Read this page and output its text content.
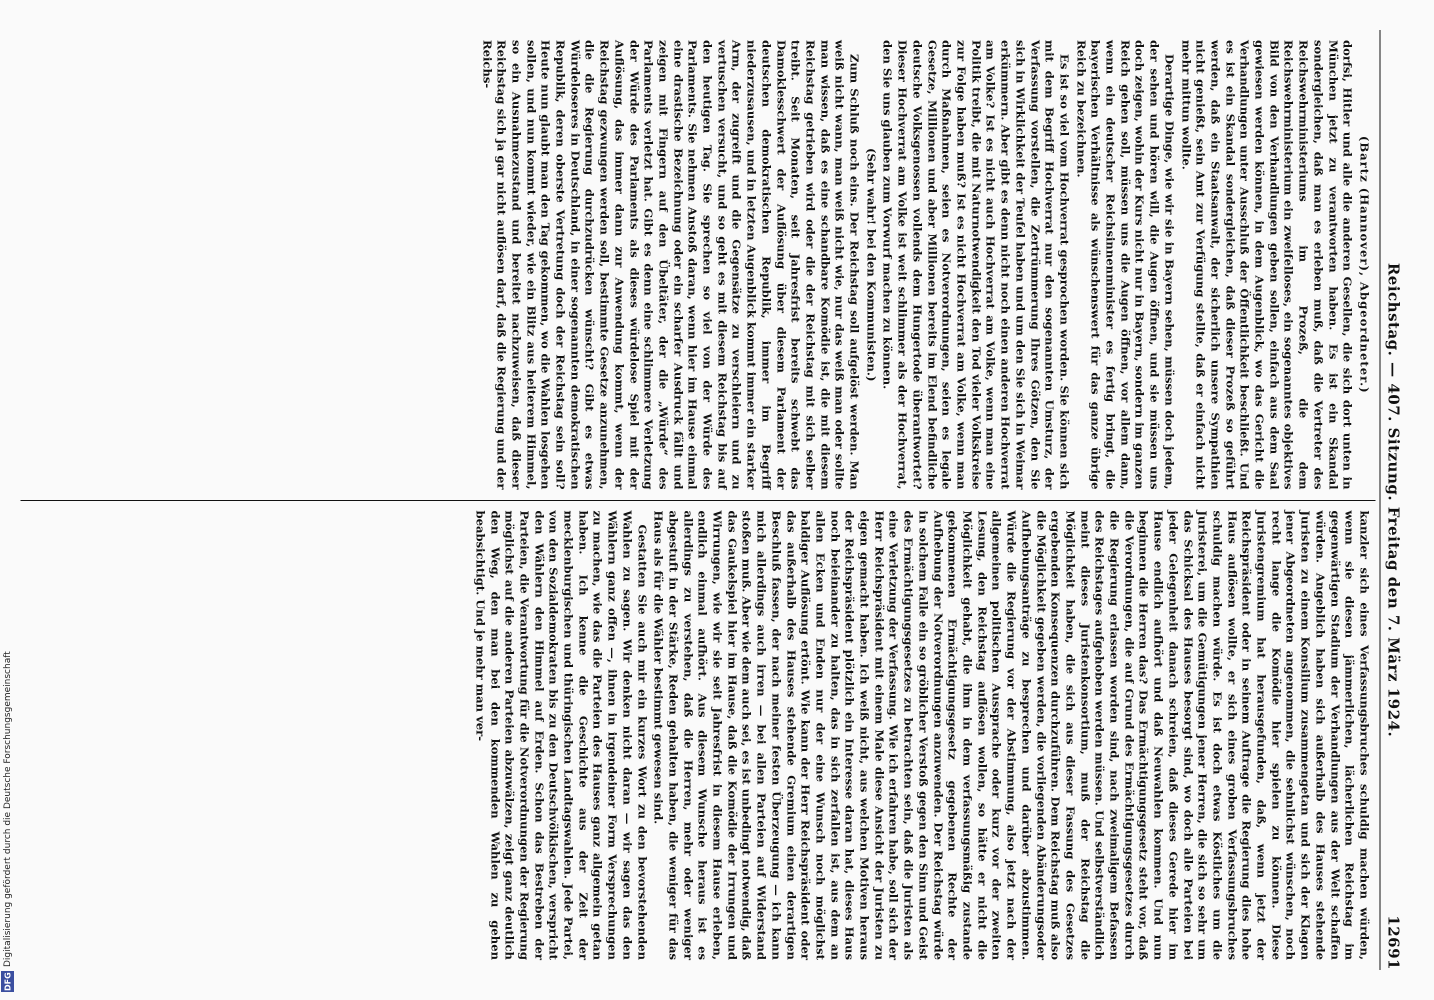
DFG
Digitalisierung gefördert durch die Deutsche Forschungsgemeinschaft
Reichstag. — 407. Sitzung. Freitag den 7. März 1924.
12691

(Bartz (Hannover), Abgeordneter.)

dorfsi, Hitler und alle die anderen Gesellen, die sich dort unten in München jetzt zu verantworten haben. Es ist ein Skandal sondergleichen, daß man es erleben muß, daß die Vertreter des Reichswehrministeriums im Prozeß, die dem Reichswehrministerium ein zweifelloses, ein sogenanntes objektives Bild von den Verhandlungen geben sollen, einfach aus dem Saal gewiesen werden können, in dem Augenblick, wo das Gericht die Verhandlungen unter Ausschluß der Öffentlichkeit beschließt. Und es ist ein Skandal sondergleichen, daß dieser Prozeß so geführt werden, daß ein Staatsanwalt, der sicherlich unsere Sympathien nicht genießt, sein Amt zur Verfügung stellte, daß er einfach nicht mehr mittun wollte.

Derartige Dinge, wie wir sie in Bayern sehen, müssen doch jedem, der sehen und hören will, die Augen öffnen, und sie müssen uns doch zeigen, wohin der Kurs nicht nur in Bayern, sondern im ganzen Reich gehen soll, müssen uns die Augen öffnen, vor allem dann, wenn ein deutscher Reichsinnenminister es fertig bringt, die bayerischen Verhältnisse als wünschenswert für das ganze übrige Reich zu bezeichnen.

Es ist so viel vom Hochverrat gesprochen worden. Sie können sich mit dem Begriff Hochverrat nur den sogenannten Umsturz, der Verfassung vorstellen, die Zertrümmerung Ihres Götzen, den Sie sich in Wirklichkeit der Teufel haben und um den Sie sich in Weimar erkümmern. Aber gibt es denn nicht noch einen anderen Hochverrat am Volke? Ist es nicht auch Hochverrat am Volke, wenn man eine Politik treibt, die mit Naturnotwendigkeit den Tod vieler Volkskreise zur Folge haben muß? Ist es nicht Hochverrat am Volke, wenn man durch Maßnahmen, seien es Notverordnungen, seien es legale Gesetze, Millionen und aber Millionen bereits im Elend befindliche deutsche Volksgenossen vollends dem Hungertode überantwortet? Dieser Hochverrat am Volke ist weit schlimmer als der Hochverrat, den Sie uns glauben zum Vorwurf machen zu können.

(Sehr wahr! bei den Kommunisten.)

Zum Schluß noch eins. Der Reichstag soll aufgelöst werden. Man weiß nicht wann, man weiß nicht wie, nur das weiß man oder sollte man wissen, daß es eine schandbare Komödie ist, die mit diesem Reichstag getrieben wird oder die der Reichstag mit sich selber treibt. Seit Monaten, seit Jahresfrist bereits schwebt das Damoklesschwert der Auflösung über diesem Parlament der deutschen demokratischen Republik, immer im Begriff niederzusausen, und in letzten Augenblick kommt immer ein starker Arm, der zugreift und die Gegensätze zu verschleiern und zu vertuschen versucht, und so geht es mit diesem Reichstag bis auf den heutigen Tag. Sie sprechen so viel von der Würde des Parlaments. Sie nehmen Anstoß daran, wenn hier im Hause einmal eine drastische Bezeichnung oder ein scharfer Ausdruck fällt und zeigen mit Fingern auf den Übeltäter, der die „Würde“ des Parlaments verletzt hat. Gibt es denn eine schlimmere Verletzung der Würde des Parlaments als dieses würdelose Spiel mit der Auflösung, das immer dann zur Anwendung kommt, wenn der Reichstag gezwungen werden soll, bestimmte Gesetze anzunehmen, die die Regierung durchzudrücken wünscht? Gibt es etwas Würdeloseres in Deutschland, in einer sogenannten demokratischen Republik, deren oberste Vertretung doch der Reichstag sein soll? Heute nun glaubt man den Tag gekommen, wo die Wahlen losgehen sollen, und nun kommt wieder, wie ein Blitz aus heiterem Himmel, so ein Ausnahmezustand und bereitet nachzuweisen, daß dieser Reichstag sich ja gar nicht auflösen darf, daß die Regierung und der Reichs-

kanzler sich eines Verfassungsbruches schuldig machen würden, wenn sie diesen jämmerlichen, lächerlichen Reichstag im gegenwärtigen Stadium der Verhandlungen aus der Welt schaffen würden. Angeblich haben sich außerhalb des Hauses stehende Juristen zu einem Konsilium zusammengetan und sich der Klagen jener Abgeordneten angenommen, die sehnlichst wünschen, noch recht lange die Komödie hier spielen zu können. Diese Juristengremium hat herausgefunden, daß, wenn jetzt der Reichspräsident oder in seinem Auftrage die Regierung dies hohe Haus auflösen wollte, er sich eines groben Verfassungsbruches schuldig machen würde. Es ist doch etwas Köstliches um die Juristerei, um die Gemütigungen jener Herren, die sich so sehr um das Schicksal des Hauses besorgt sind, wo doch alle Parteien bei jeder Gelegenheit danach schreien, daß dieses Gerede hier im Hause endlich aufhört und daß Neuwahlen kommen. Und nun beginnen die Herren das? Das Ermächtigungsgesetz steht vor, daß die Verordnungen, die auf Grund des Ermächtigungsgesetzes durch die Regierung erlassen worden sind, nach zweimaligem Befassen des Reichstages aufgehoben werden müssen. Und selbstverständlich meint dieses Juristenkonsortium, muß der Reichstag die Möglichkeit haben, die sich aus dieser Fassung des Gesetzes ergebenden Konsequenzen durchzuführen. Dem Reichstag muß also die Möglichkeit gegeben werden, die vorliegenden Abänderungsoder Aufhebungsanträge zu besprechen und darüber abzustimmen. Würde die Regierung vor der Abstimmung, also jetzt nach der allgemeinen politischen Aussprache oder kurz vor der zweiten Lesung, den Reichstag auflösen wollen, so hätte er nicht die Möglichkeit gehabt, die ihm in dem verfassungsmäßig zustande gekommenen Ermächtigungsgesetz gegebenen Rechte der Aufhebung der Notverordnungen anzuwenden. Der Reichstag würde in solchem Falle ein so gröblicher Verstoß gegen den Sinn und Geist des Ermächtigungsgesetzes zu betrachten sein, daß die Juristen als eine Verletzung der Verfassung. Wie ich erfahren habe, soll sich der Herr Reichspräsident mit einem Male diese Ansicht der Juristen zu eigen gemacht haben. Ich weiß nicht, aus welchen Motiven heraus der Reichspräsident plötzlich ein Interesse daran hat, dieses Haus noch beieinander zu halten, das in sich zerfallen ist, aus dem an allen Ecken und Enden nur der eine Wunsch noch möglichst baldiger Auflösung ertönt. Wie kann der Herr Reichspräsident oder das außerhalb des Hauses stehende Gremium einen derartigen Beschluß fassen, der nach meiner festen Überzeugung — ich kann mich allerdings auch irren — bei allen Parteien auf Widerstand stoßen muß. Aber wie dem auch sei, es ist unbedingt notwendig, daß das Gaukelspiel hier im Hause, daß die Komödie der Irrungen und Wirrungen, wie wir sie seit Jahresfrist in diesem Hause erleben, endlich einmal aufhört. Aus diesem Wunsche heraus ist es allerdings zu verstehen, daß die Herren, mehr oder weniger abgestuft in der Stärke, Reden gehalten haben, die weniger für das Haus als für die Wähler bestimmt gewesen sind.

Gestatten Sie auch mir ein kurzes Wort zu den bevorstehenden Wahlen zu sagen. Wir denken nicht daran — wir sagen das den Wählern ganz offen —, ihnen in irgendeiner Form Versprechungen zu machen, wie das die Parteien des Hauses ganz allgemein getan haben. Ich kenne die Geschichte aus der Zeit der mecklenburgischen und thüringischen Landtagswahlen. Jede Partei, von den Sozialdemokraten bis zu den Deutschvölkischen, verspricht den Wählern den Himmel auf Erden. Schon das Bestreben der Parteien, die Verantwortung für die Notverordnungen der Regierung möglichst auf die anderen Parteien abzuwälzen, zeigt ganz deutlich den Weg, den man bei den kommenden Wahlen zu gehen beabsichtigt. Und je mehr man ver-
